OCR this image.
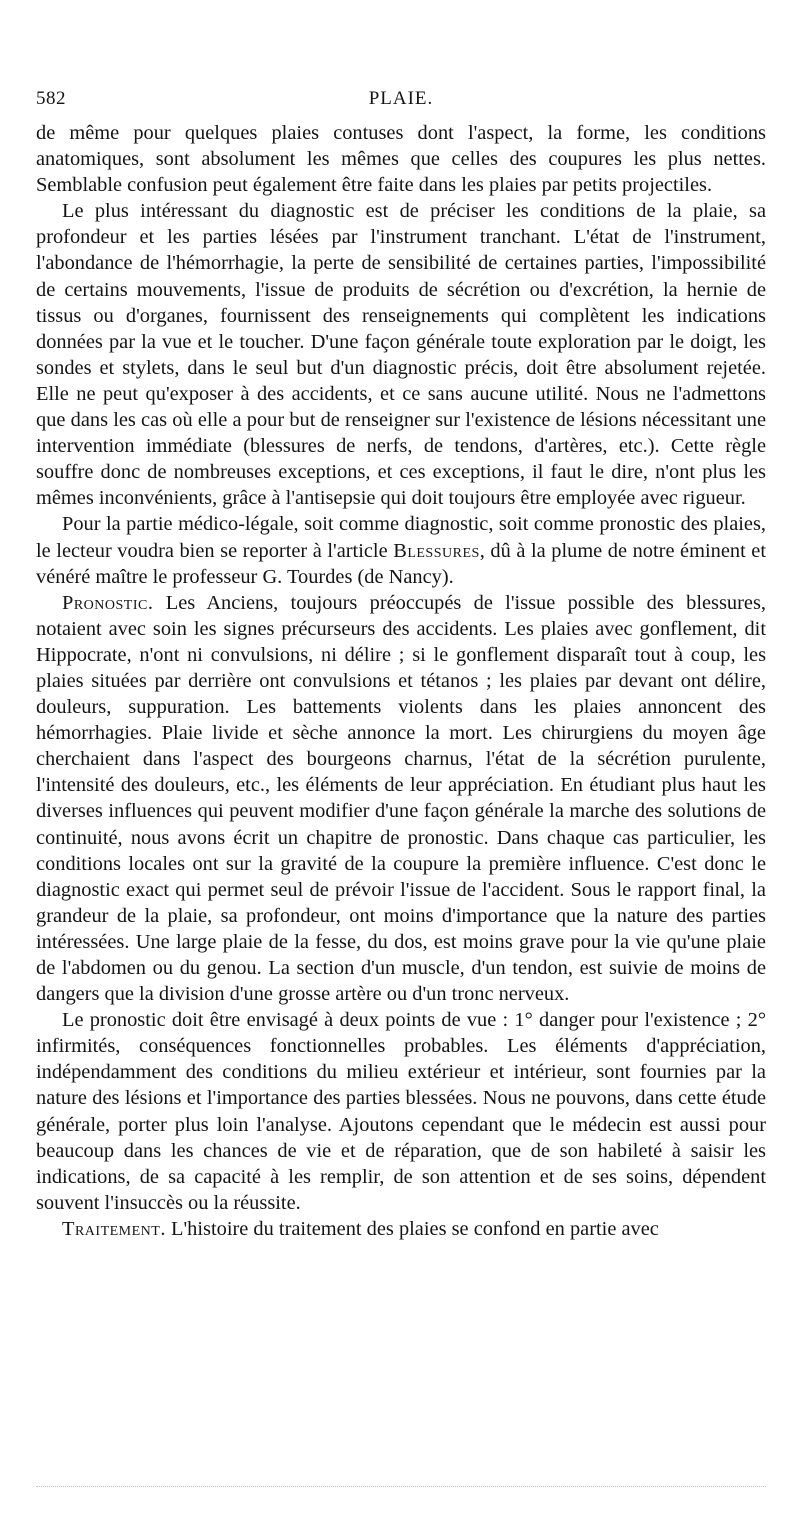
582	PLAIE.

de même pour quelques plaies contuses dont l'aspect, la forme, les conditions anatomiques, sont absolument les mêmes que celles des coupures les plus nettes. Semblable confusion peut également être faite dans les plaies par petits projectiles.

Le plus intéressant du diagnostic est de préciser les conditions de la plaie, sa profondeur et les parties lésées par l'instrument tranchant. L'état de l'instrument, l'abondance de l'hémorrhagie, la perte de sensibilité de certaines parties, l'impossibilité de certains mouvements, l'issue de produits de sécrétion ou d'excrétion, la hernie de tissus ou d'organes, fournissent des renseignements qui complètent les indications données par la vue et le toucher. D'une façon générale toute exploration par le doigt, les sondes et stylets, dans le seul but d'un diagnostic précis, doit être absolument rejetée. Elle ne peut qu'exposer à des accidents, et ce sans aucune utilité. Nous ne l'admettons que dans les cas où elle a pour but de renseigner sur l'existence de lésions nécessitant une intervention immédiate (blessures de nerfs, de tendons, d'artères, etc.). Cette règle souffre donc de nombreuses exceptions, et ces exceptions, il faut le dire, n'ont plus les mêmes inconvénients, grâce à l'antisepsie qui doit toujours être employée avec rigueur.

Pour la partie médico-légale, soit comme diagnostic, soit comme pronostic des plaies, le lecteur voudra bien se reporter à l'article Blessures, dû à la plume de notre éminent et vénéré maître le professeur G. Tourdes (de Nancy).

Pronostic. Les Anciens, toujours préoccupés de l'issue possible des blessures, notaient avec soin les signes précurseurs des accidents. Les plaies avec gonflement, dit Hippocrate, n'ont ni convulsions, ni délire ; si le gonflement disparaît tout à coup, les plaies situées par derrière ont convulsions et tétanos ; les plaies par devant ont délire, douleurs, suppuration. Les battements violents dans les plaies annoncent des hémorrhagies. Plaie livide et sèche annonce la mort. Les chirurgiens du moyen âge cherchaient dans l'aspect des bourgeons charnus, l'état de la sécrétion purulente, l'intensité des douleurs, etc., les éléments de leur appréciation. En étudiant plus haut les diverses influences qui peuvent modifier d'une façon générale la marche des solutions de continuité, nous avons écrit un chapitre de pronostic. Dans chaque cas particulier, les conditions locales ont sur la gravité de la coupure la première influence. C'est donc le diagnostic exact qui permet seul de prévoir l'issue de l'accident. Sous le rapport final, la grandeur de la plaie, sa profondeur, ont moins d'importance que la nature des parties intéressées. Une large plaie de la fesse, du dos, est moins grave pour la vie qu'une plaie de l'abdomen ou du genou. La section d'un muscle, d'un tendon, est suivie de moins de dangers que la division d'une grosse artère ou d'un tronc nerveux.

Le pronostic doit être envisagé à deux points de vue : 1° danger pour l'existence ; 2° infirmités, conséquences fonctionnelles probables. Les éléments d'appréciation, indépendamment des conditions du milieu extérieur et intérieur, sont fournies par la nature des lésions et l'importance des parties blessées. Nous ne pouvons, dans cette étude générale, porter plus loin l'analyse. Ajoutons cependant que le médecin est aussi pour beaucoup dans les chances de vie et de réparation, que de son habileté à saisir les indications, de sa capacité à les remplir, de son attention et de ses soins, dépendent souvent l'insuccès ou la réussite.

Traitement. L'histoire du traitement des plaies se confond en partie avec
